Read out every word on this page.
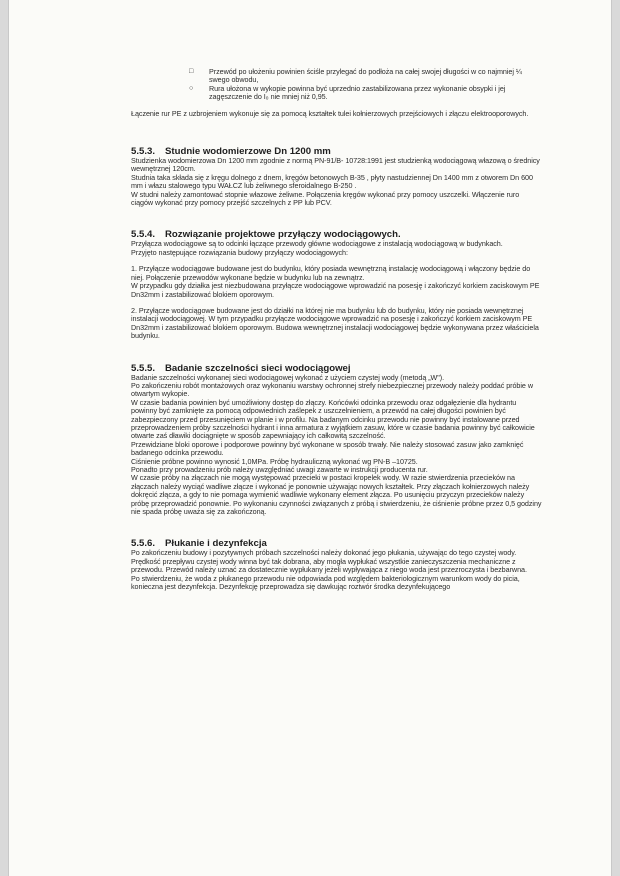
□ Przewód po ułożeniu powinien ściśle przylegać do podłoża na całej swojej długości w co najmniej ¼ swego obwodu,
○ Rura ułożona w wykopie powinna być uprzednio zastabilizowana przez wykonanie obsypki i jej zagęszczenie do I₀ nie mniej niż 0,95.

Łączenie rur PE z uzbrojeniem wykonuje się za pomocą kształtek tulei kołnierzowych przejściowych i złączu elektrooporowych.

5.5.3. Studnie wodomierzowe Dn 1200 mm

Studzienka wodomierzowa Dn 1200 mm zgodnie z normą PN-91/B- 10728:1991 jest studzienką wodociągową włazową o średnicy wewnętrznej 120cm.

Studnia taka składa się z kręgu dolnego z dnem, kręgów betonowych B-35 , płyty nastudziennej Dn 1400 mm z otworem Dn 600 mm i włazu stalowego typu WAŁCZ lub żeliwnego sferoidalnego B-250 .

W studni należy zamontować stopnie włazowe żeliwne. Połączenia kręgów wykonać przy pomocy uszczelki. Włączenie ruro ciągów wykonać przy pomocy przejść szczelnych z PP lub PCV.

5.5.4. Rozwiązanie projektowe przyłączy wodociągowych.

Przyłącza wodociągowe są to odcinki łączące przewody główne wodociągowe z instalacją wodociągową w budynkach.

Przyjęto następujące rozwiązania budowy przyłączy wodociągowych:

1. Przyłącze wodociągowe budowane jest do budynku, który posiada wewnętrzną instalację wodociągową i włączony będzie do niej. Połączenie przewodów wykonane będzie w budynku lub na zewnątrz.

W przypadku gdy działka jest niezbudowana przyłącze wodociągowe wprowadzić na posesję i zakończyć korkiem zaciskowym PE Dn32mm i zastabilizować blokiem oporowym.

2. Przyłącze wodociągowe budowane jest do działki na której nie ma budynku lub do budynku, który nie posiada wewnętrznej instalacji wodociągowej. W tym przypadku przyłącze wodociągowe wprowadzić na posesję i zakończyć korkiem zaciskowym PE Dn32mm i zastabilizować blokiem oporowym. Budowa wewnętrznej instalacji wodociągowej będzie wykonywana przez właściciela budynku.

5.5.5. Badanie szczelności sieci wodociągowej

Badanie szczelności wykonanej sieci wodociągowej wykonać z użyciem czystej wody (metodą „W").

Po zakończeniu robót montażowych oraz wykonaniu warstwy ochronnej strefy niebezpiecznej przewody należy poddać próbie w otwartym wykopie.

W czasie badania powinien być umożliwiony dostęp do złączy. Końcówki odcinka przewodu oraz odgałęzienie dla hydrantu powinny być zamknięte za pomocą odpowiednich zaślepek z uszczelnieniem, a przewód na całej długości powinien być zabezpieczony przed przesunięciem w planie i w profilu. Na badanym odcinku przewodu nie powinny być instalowane przed przeprowadzeniem próby szczelności hydrant i inna armatura z wyjątkiem zasuw, które w czasie badania powinny być całkowicie otwarte zaś dławiki dociągnięte w sposób zapewniający ich całkowitą szczelność.

Przewidziane bloki oporowe i podporowe powinny być wykonane w sposób trwały. Nie należy stosować zasuw jako zamknięć badanego odcinka przewodu.

Ciśnienie próbne powinno wynosić 1,0MPa. Próbę hydrauliczną wykonać wg PN-B –10725.

Ponadto przy prowadzeniu prób należy uwzględniać uwagi zawarte w instrukcji producenta rur.

W czasie próby na złączach nie mogą występować przecieki w postaci kropelek wody. W razie stwierdzenia przecieków na złączach należy wyciąć wadliwe złącze i wykonać je ponownie używając nowych kształtek. Przy złączach kołnierzowych należy dokręcić złącza, a gdy to nie pomaga wymienić wadliwie wykonany element złącza. Po usunięciu przyczyn przecieków należy próbę przeprowadzić ponownie. Po wykonaniu czynności związanych z próbą i stwierdzeniu, że ciśnienie próbne przez 0,5 godziny nie spada próbę uważa się za zakończoną.

5.5.6. Płukanie i dezynfekcja

Po zakończeniu budowy i pozytywnych próbach szczelności należy dokonać jego płukania, używając do tego czystej wody. Prędkość przepływu czystej wody winna być tak dobrana, aby mogła wypłukać wszystkie zanieczyszczenia mechaniczne z przewodu. Przewód należy uznać za dostatecznie wypłukany jeżeli wypływająca z niego woda jest przezroczysta i bezbarwna.

Po stwierdzeniu, że woda z płukanego przewodu nie odpowiada pod względem bakteriologicznym warunkom wody do picia, konieczna jest dezynfekcja. Dezynfekcję przeprowadza się dawkując roztwór środka dezynfekującego
